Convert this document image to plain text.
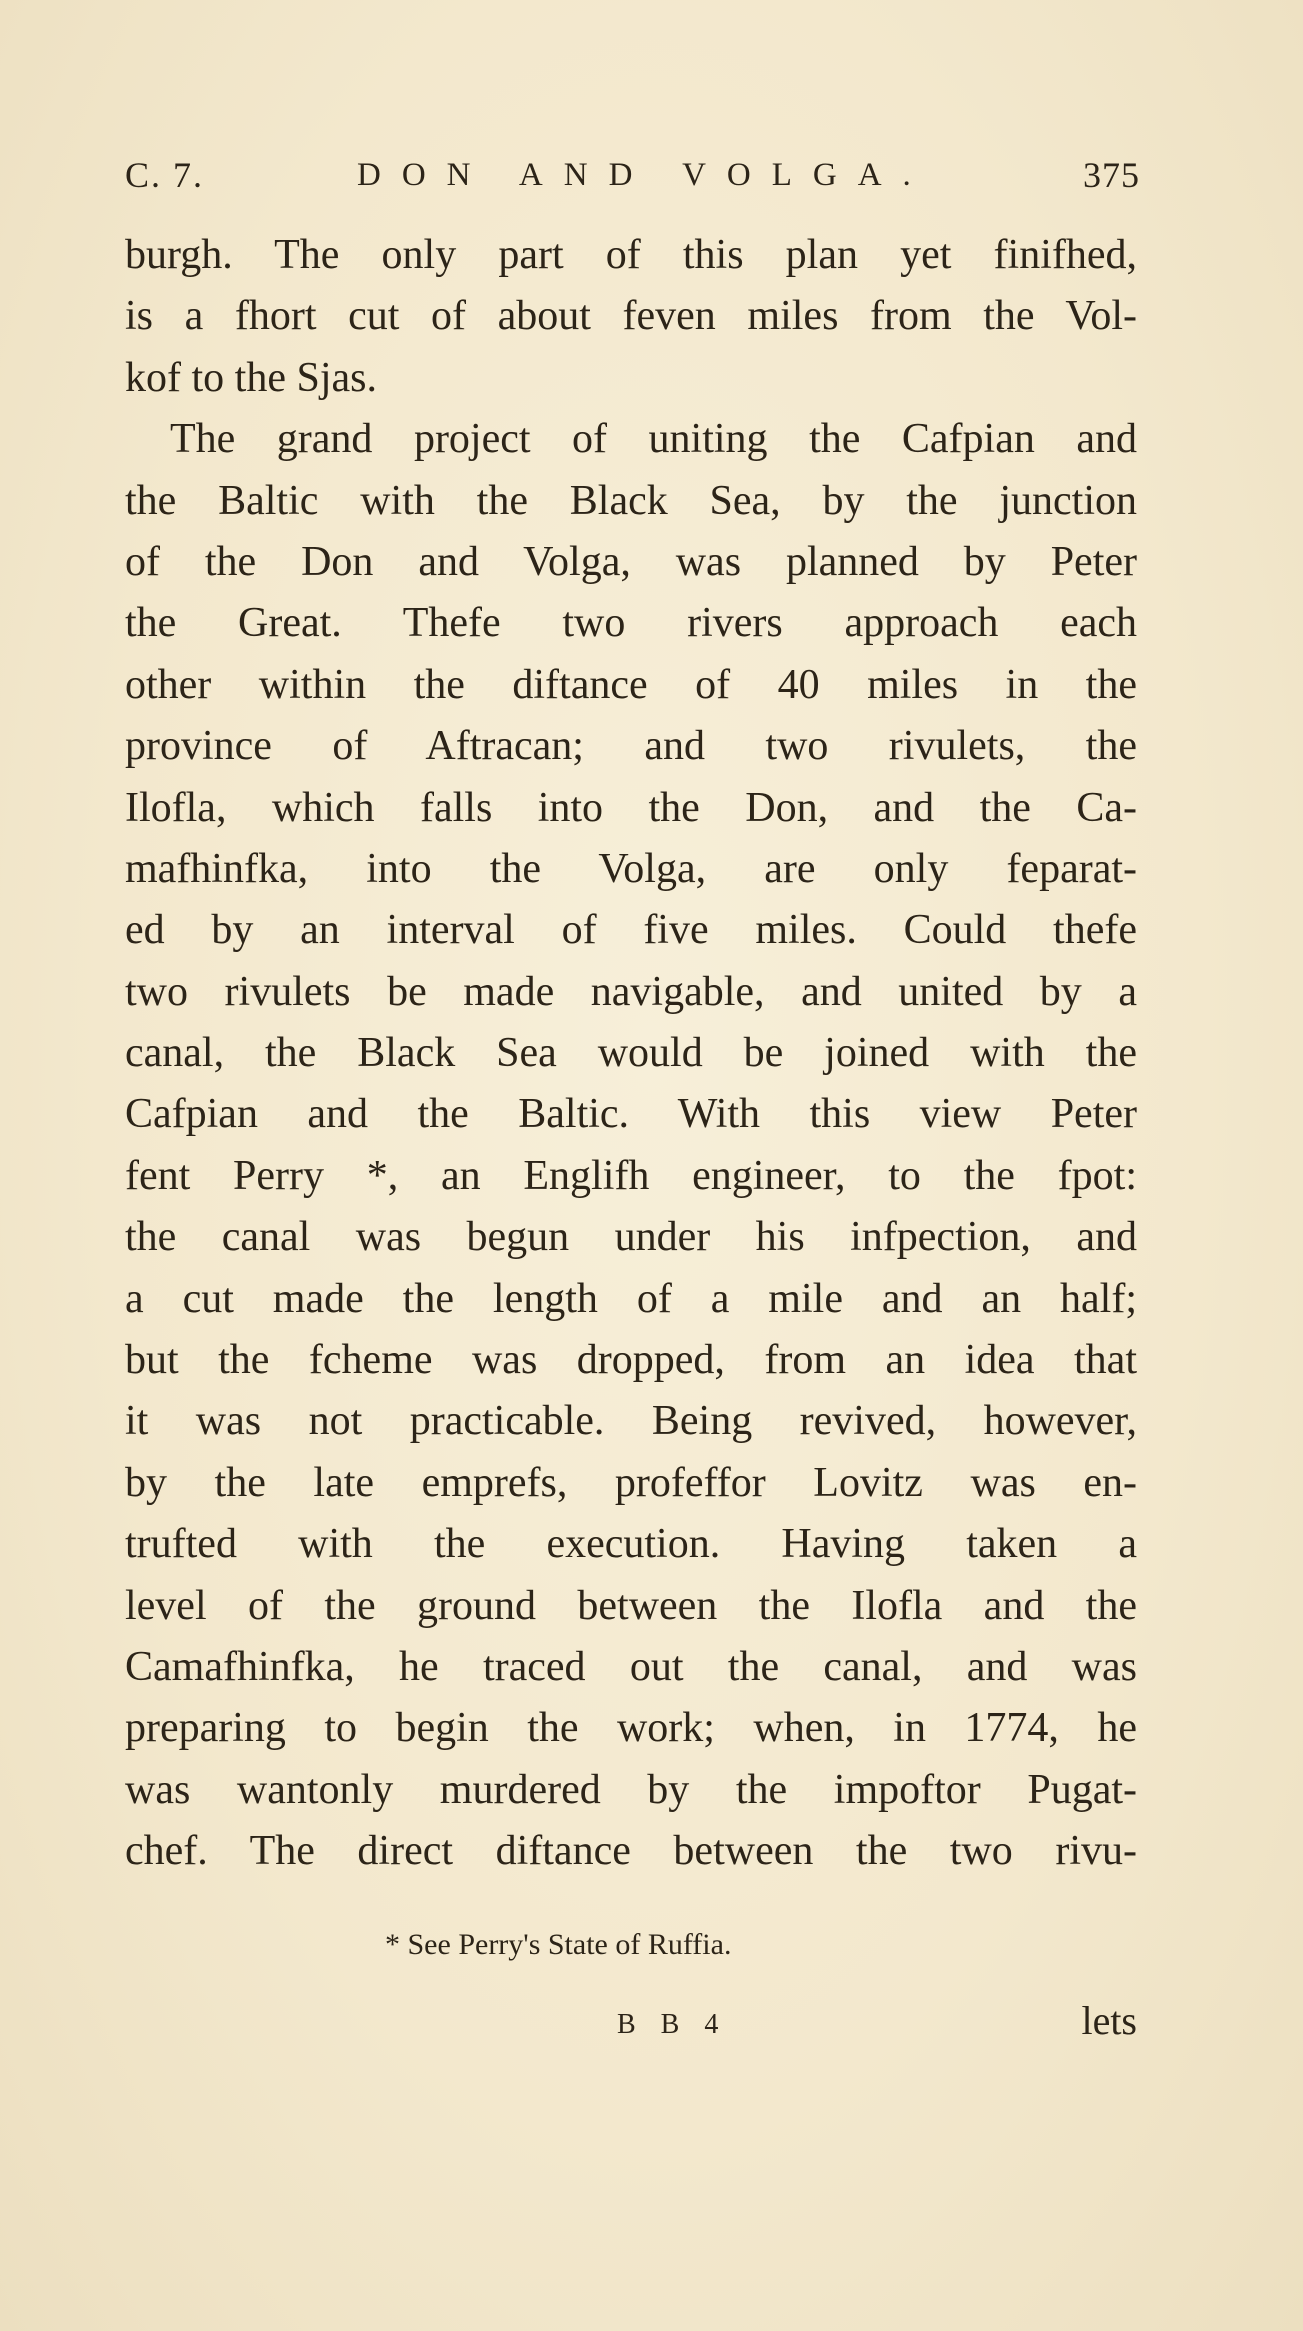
C. 7.	DON AND VOLGA.	375
burgh. The only part of this plan yet finifhed,
is a fhort cut of about feven miles from the Vol-
kof to the Sjas.
The grand project of uniting the Cafpian and
the Baltic with the Black Sea, by the junction
of the Don and Volga, was planned by Peter
the Great. Thefe two rivers approach each
other within the diftance of 40 miles in the
province of Aftracan; and two rivulets, the
Ilofla, which falls into the Don, and the Ca-
mafhinfka, into the Volga, are only feparat-
ed by an interval of five miles. Could thefe
two rivulets be made navigable, and united by a
canal, the Black Sea would be joined with the
Cafpian and the Baltic. With this view Peter
fent Perry *, an Englifh engineer, to the fpot:
the canal was begun under his infpection, and
a cut made the length of a mile and an half;
but the fcheme was dropped, from an idea that
it was not practicable. Being revived, however,
by the late emprefs, profeffor Lovitz was en-
trufted with the execution. Having taken a
level of the ground between the Ilofla and the
Camafhinfka, he traced out the canal, and was
preparing to begin the work; when, in 1774, he
was wantonly murdered by the impoftor Pugat-
chef. The direct diftance between the two rivu-
* See Perry's State of Ruffia.
B B 4	lets
